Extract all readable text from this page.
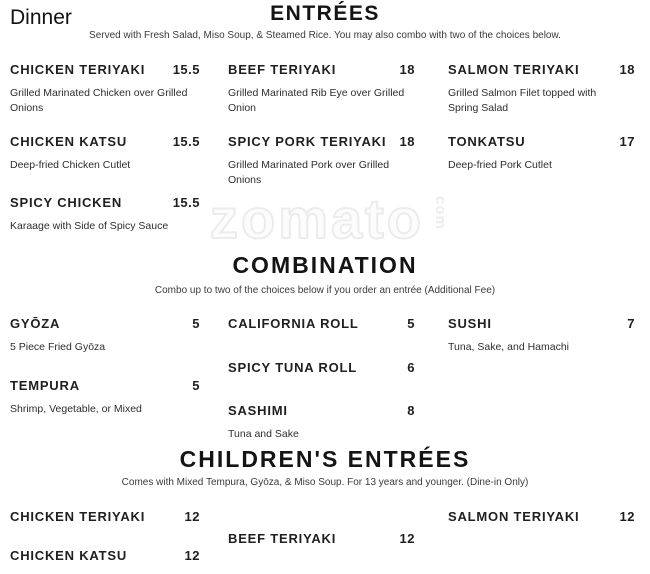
Dinner
zomato com
ENTRÉES
Served with Fresh Salad, Miso Soup, & Steamed Rice. You may also combo with two of the choices below.
CHICKEN TERIYAKI 15.5
Grilled Marinated Chicken over Grilled Onions
BEEF TERIYAKI	18
Grilled Marinated Rib Eye over Grilled Onion
SALMON TERIYAKI	18
Grilled Salmon Filet topped with Spring Salad
CHICKEN KATSU	15.5
Deep-fried Chicken Cutlet
SPICY PORK TERIYAKI 18
Grilled Marinated Pork over Grilled Onions
TONKATSU	17
Deep-fried Pork Cutlet
SPICY CHICKEN	15.5
Karaage with Side of Spicy Sauce
COMBINATION
Combo up to two of the choices below if you order an entrée (Additional Fee)
GYŌZA	5
5 Piece Fried Gyōza
CALIFORNIA ROLL	5	SUSHI	7
Tuna, Sake, and Hamachi
SPICY TUNA ROLL	6
TEMPURA	5
Shrimp, Vegetable, or Mixed	SASHIMI	8
Tuna and Sake
CHILDREN'S ENTRÉES
Comes with Mixed Tempura, Gyōza, & Miso Soup. For 13 years and younger. (Dine-in Only)
CHICKEN TERIYAKI	12	SALMON TERIYAKI	12
BEEF TERIYAKI	12
CHICKEN KATSU	12
